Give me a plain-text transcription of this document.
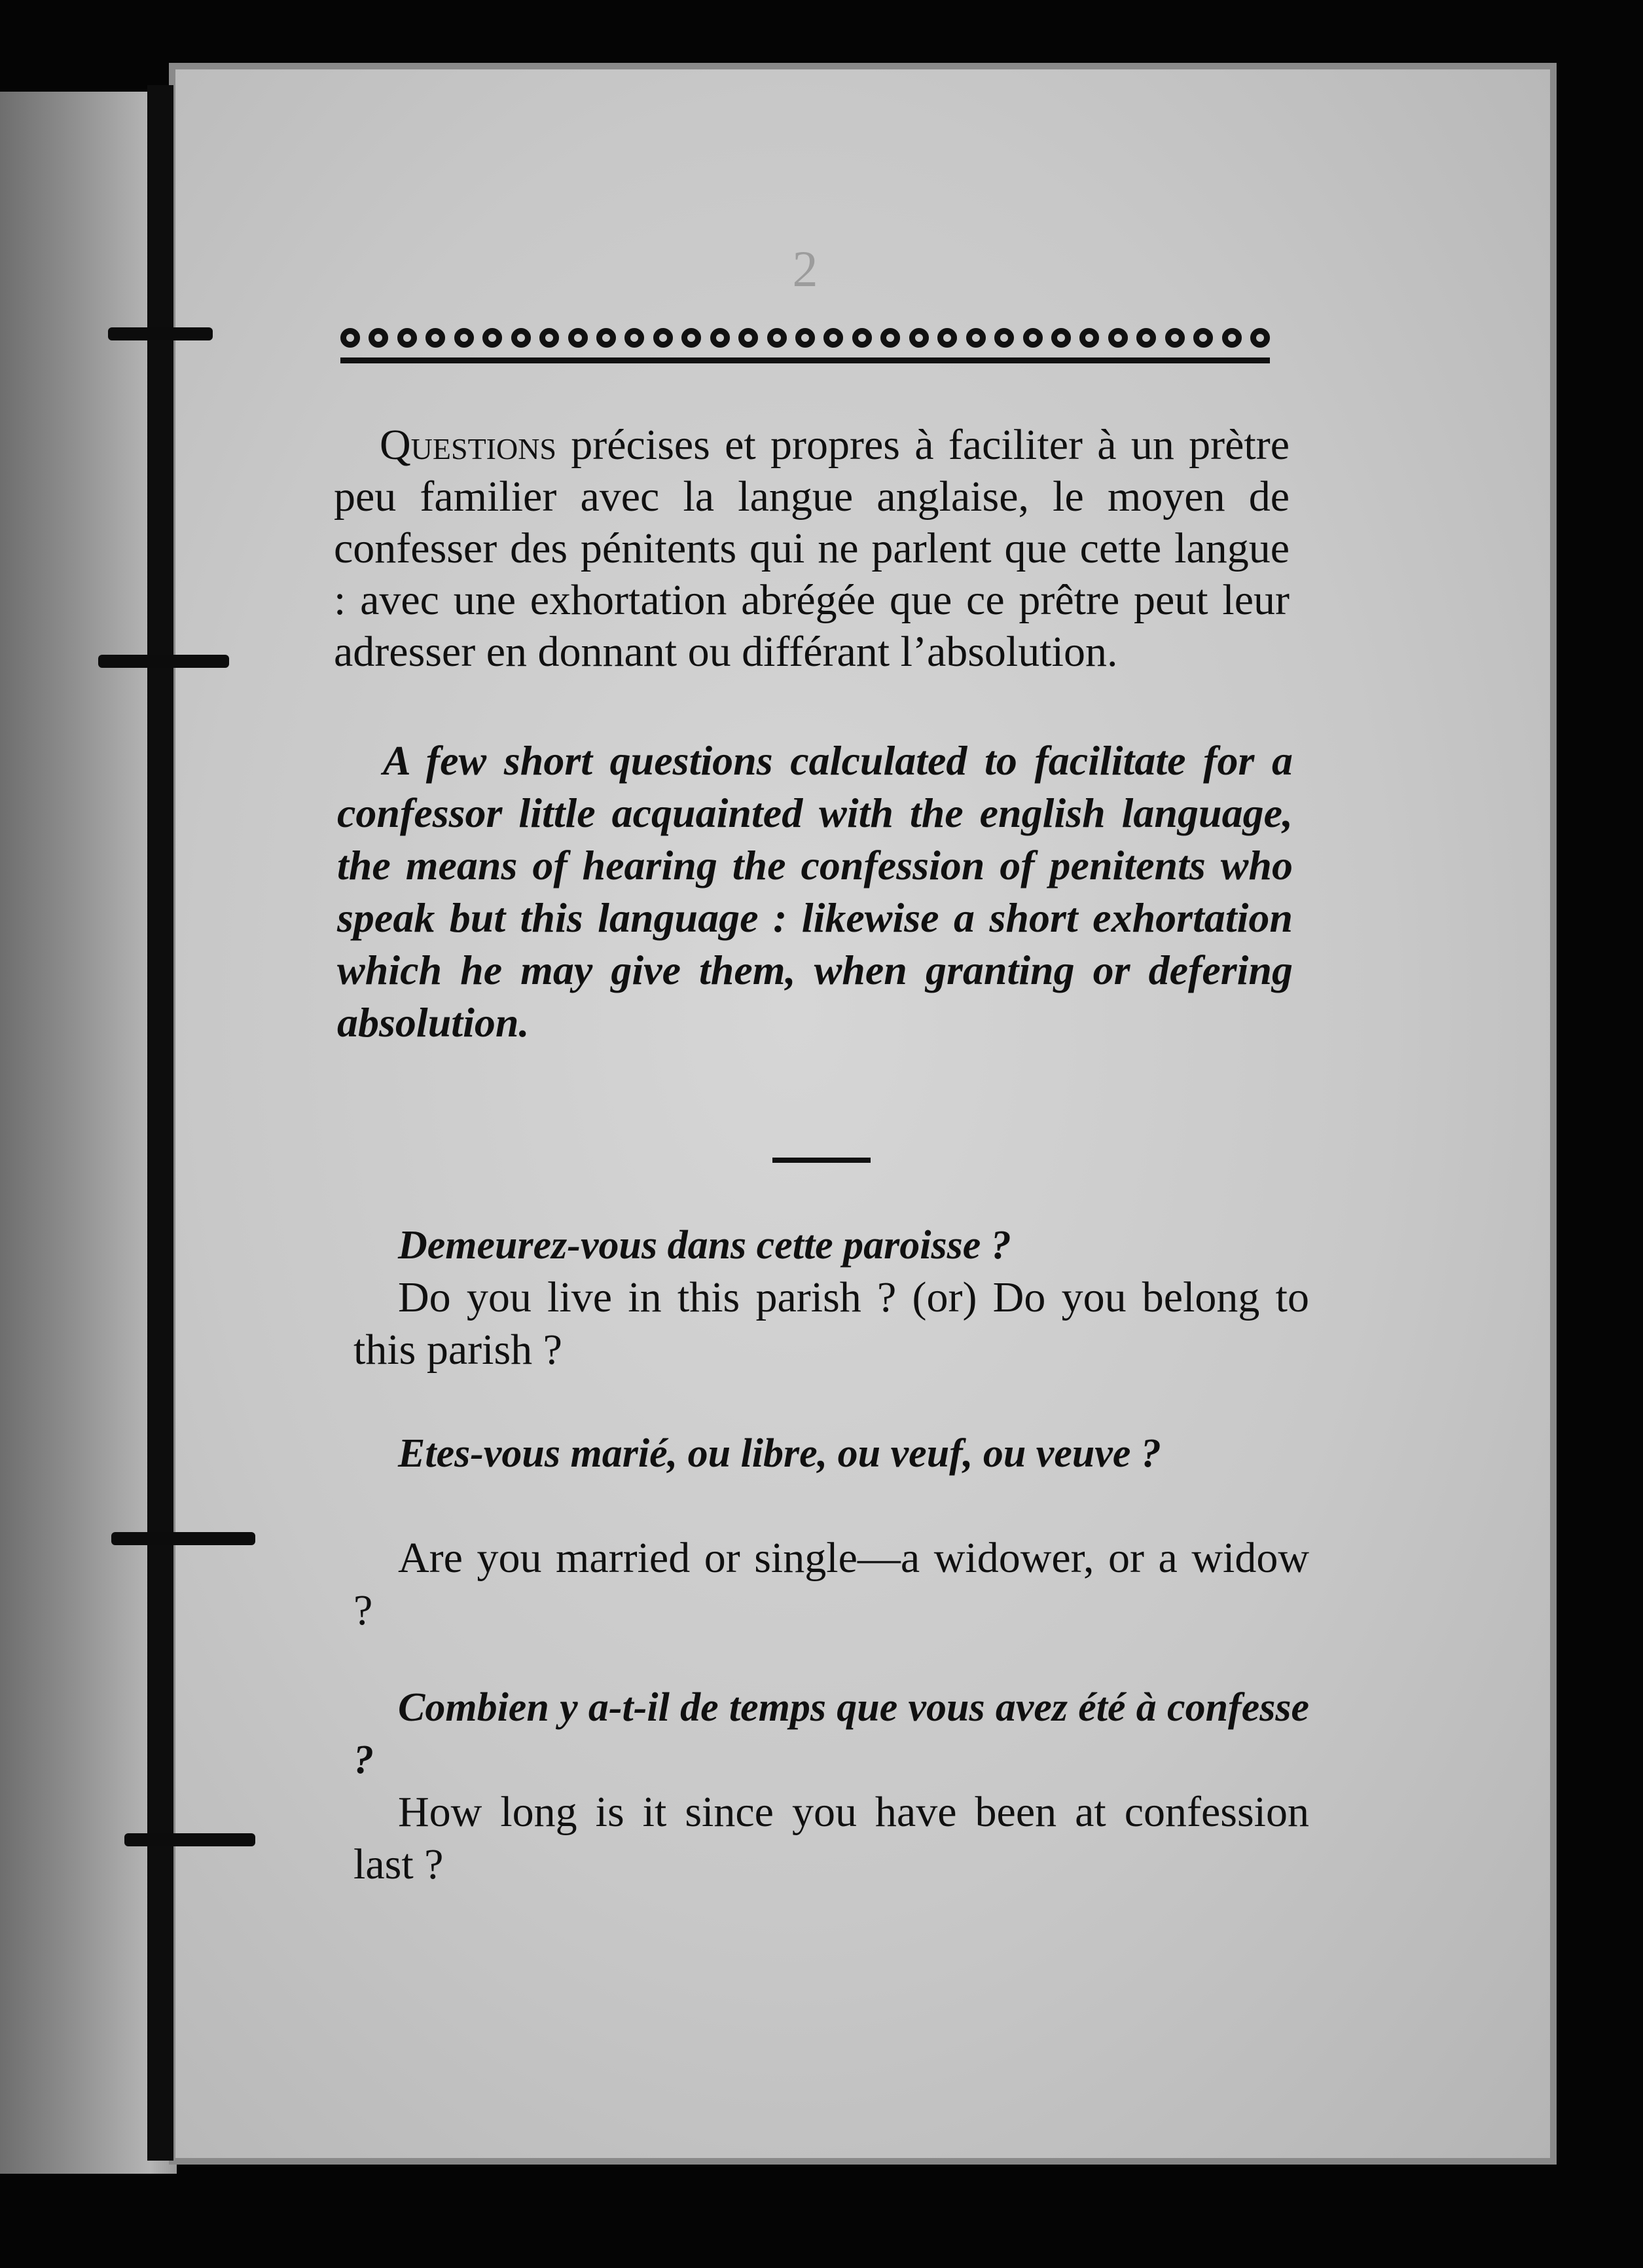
2

Questions précises et propres à faciliter à un prètre peu familier avec la langue anglaise, le moyen de confesser des pénitents qui ne parlent que cette langue : avec une exhortation abrégée que ce prêtre peut leur adresser en donnant ou différant l’absolution.

A few short questions calculated to facilitate for a confessor little acquainted with the english language, the means of hearing the confession of penitents who speak but this language : likewise a short exhortation which he may give them, when granting or defering absolution.

Demeurez-vous dans cette paroisse ?

Do you live in this parish ? (or) Do you belong to this parish ?

Etes-vous marié, ou libre, ou veuf, ou veuve ?

Are you married or single—a widower, or a widow ?

Combien y a-t-il de temps que vous avez été à confesse ?

How long is it since you have been at confession last ?
